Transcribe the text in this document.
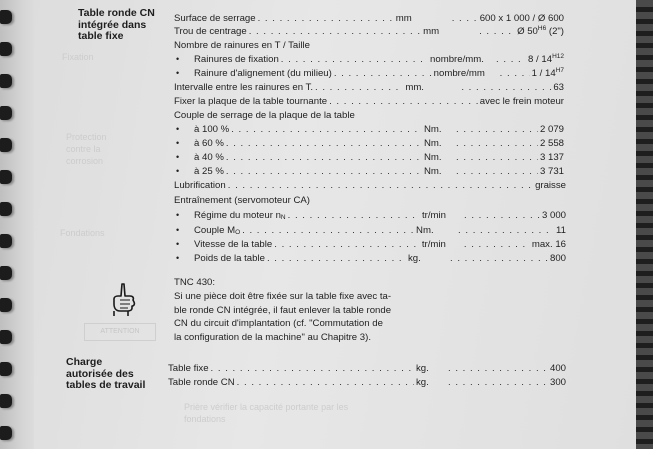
Fixation
Protection
contre la
corrosion
Fondations
ATTENTION
Table ronde CN
intégrée dans
table fixe
Charge
autorisée des
tables de travail
Surface de serrage . . .	mm . . .	600 x 1 000 / Ø 600
Trou de centrage . . .	mm . . .	Ø $50^{H6}$ (2")
Nombre de rainures en T / Taille
• Rainures de fixation . . .	nombre/mm. . . .	$8 / 14^{H12}$
• Rainure d'alignement (du milieu) . . .	nombre/mm . . .	$1 / 14^{H7}$
Intervalle entre les rainures en T. . . .	mm. . . .	63
Fixer la plaque de la table tournante . . .	avec le frein moteur
Couple de serrage de la plaque de la table
• à 100 % . . .	Nm. . . .	2 079
• à 60 % . . .	Nm. . . .	2 558
• à 40 % . . .	Nm. . . .	3 137
• à 25 % . . .	Nm. . . .	3 731
Lubrification . . .	graisse
Entraînement (servomoteur CA)
• Régime du moteur $n_N$ . . .	tr/min . . .	3 000
• Couple $M_O$ . . .	Nm. . . .	11
• Vitesse de la table . . .	tr/min . . .	max. 16
• Poids de la table . . .	kg. . . .	800
TNC 430:
Si une pièce doit être fixée sur la table fixe avec ta-
ble ronde CN intégrée, il faut enlever la table ronde
CN du circuit d'implantation (cf. "Commutation de
la configuration de la machine" au Chapitre 3).
Table fixe . . .	kg. . . .	400
Table ronde CN . . .	kg. . . .	300
Prière vérifier la capacité portante par les
fondations
